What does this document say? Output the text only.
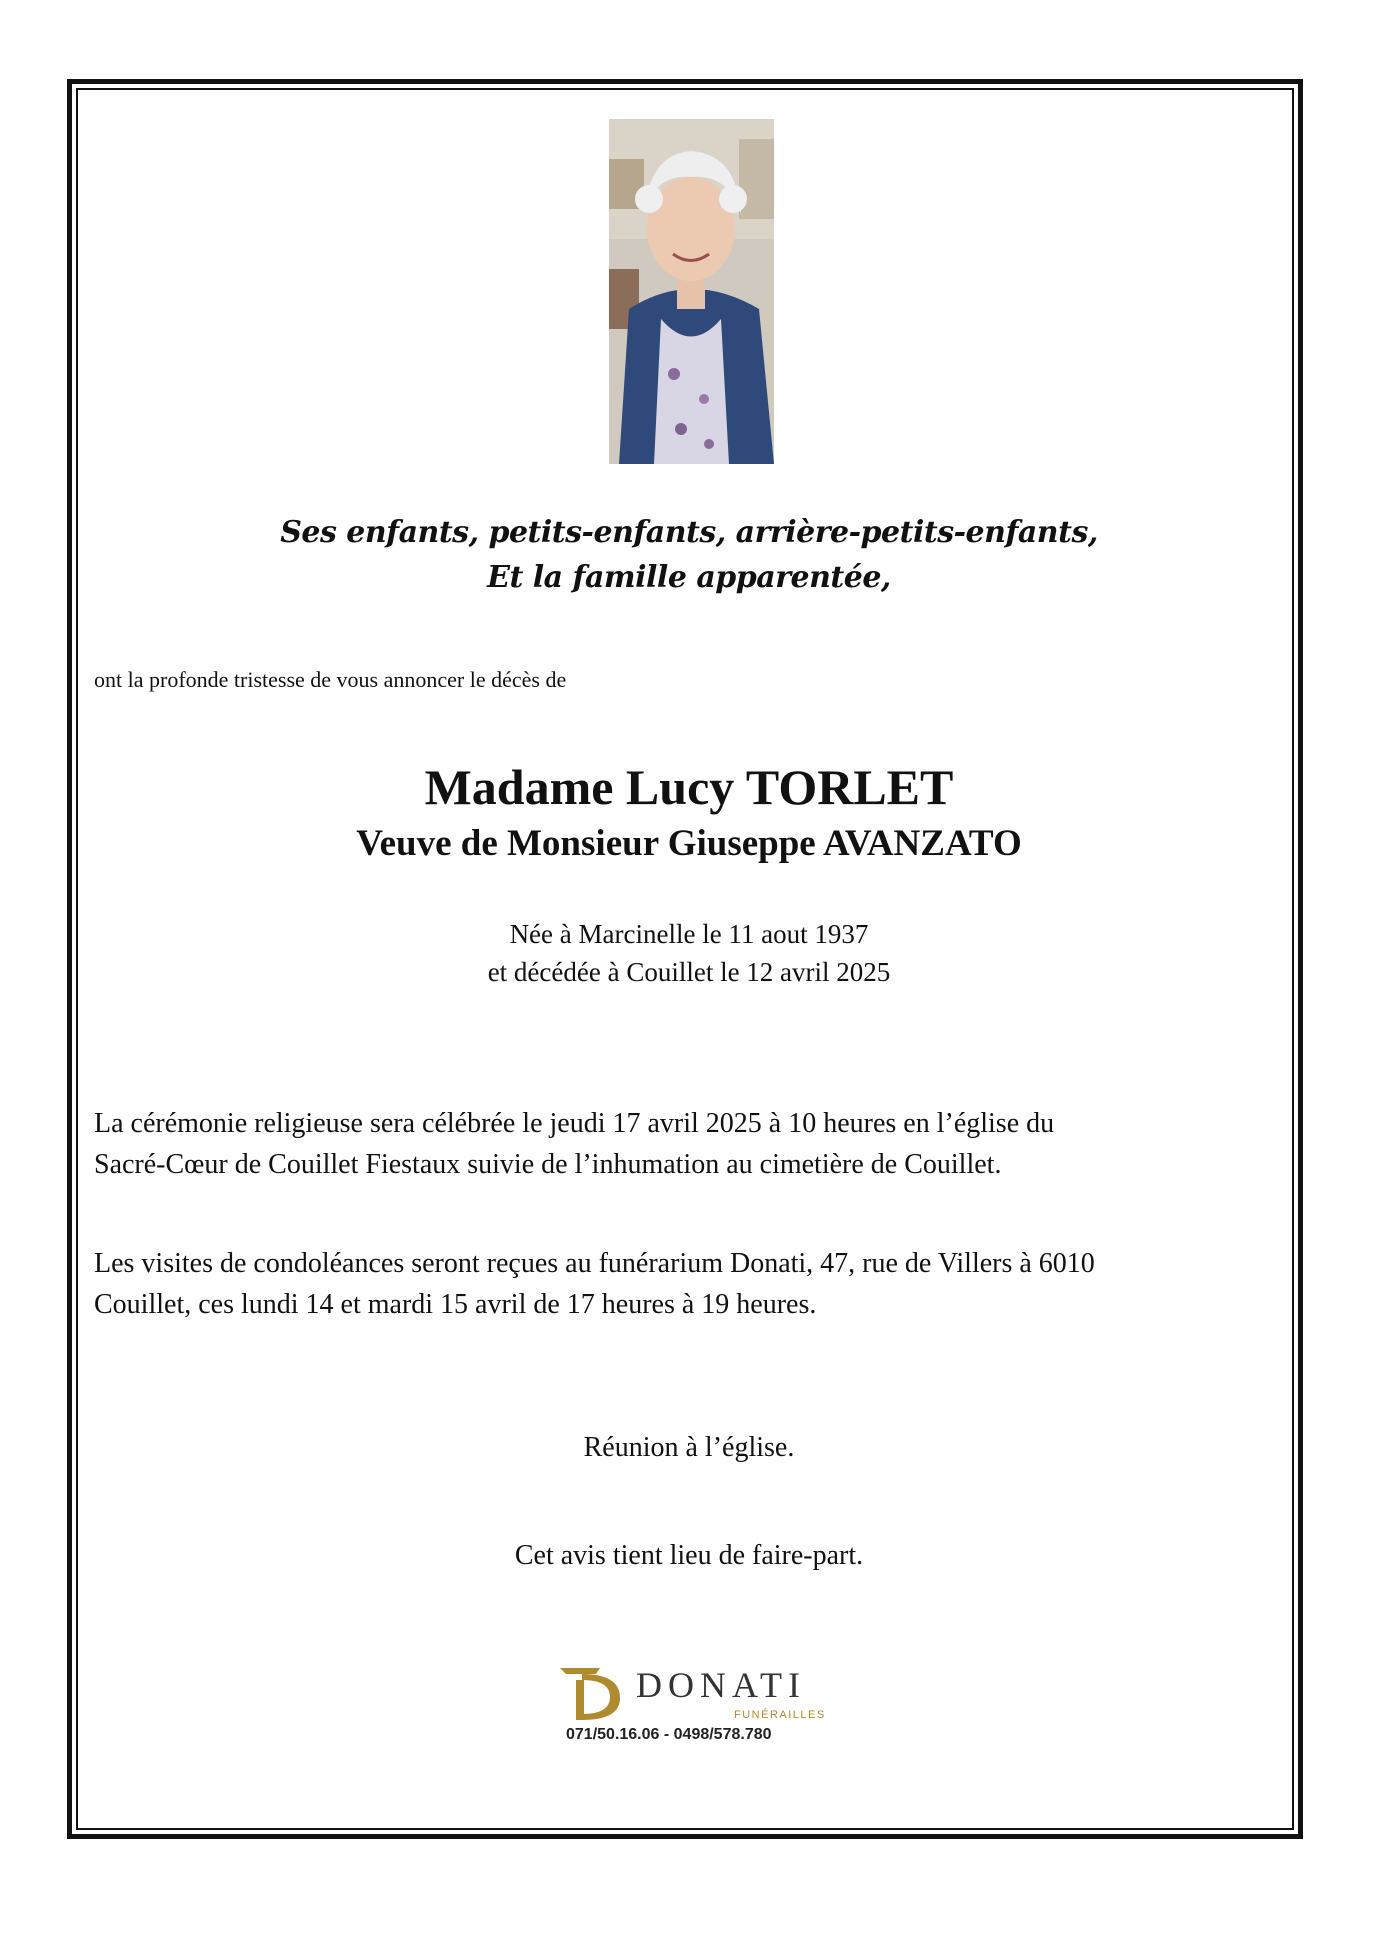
Ses enfants, petits-enfants, arrière-petits-enfants,
Et la famille apparentée,
ont la profonde tristesse de vous annoncer le décès de
Madame Lucy TORLET
Veuve de Monsieur Giuseppe AVANZATO
Née à Marcinelle le 11 aout 1937
et décédée à Couillet le 12 avril 2025
La cérémonie religieuse sera célébrée le jeudi 17 avril 2025 à 10 heures en l’église du
Sacré-Cœur de Couillet Fiestaux suivie de l’inhumation au cimetière de Couillet.
Les visites de condoléances seront reçues au funérarium Donati, 47, rue de Villers à 6010
Couillet, ces lundi 14 et mardi 15 avril de 17 heures à 19 heures.
Réunion à l’église.
Cet avis tient lieu de faire-part.
DONATI
FUNÉRAILLES
071/50.16.06 - 0498/578.780
